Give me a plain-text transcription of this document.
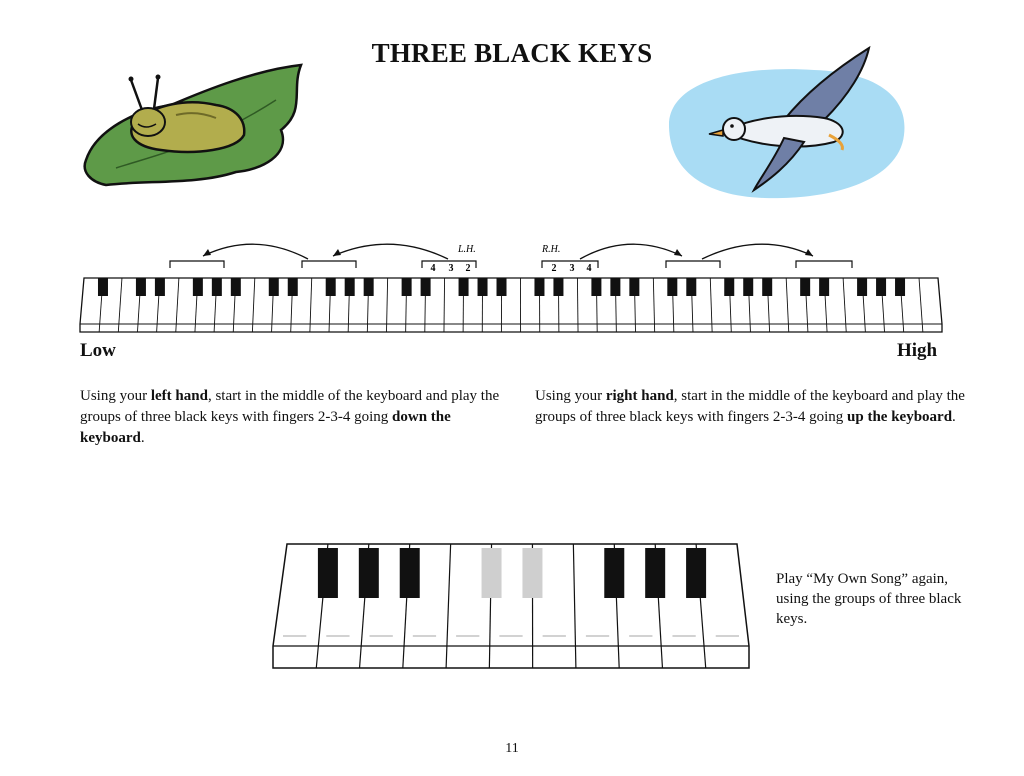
THREE BLACK KEYS
L.H.	R.H.
4 3 2	2 3 4
Low	High
Using your left hand, start in the middle of the keyboard and play the groups of three black keys with fingers 2-3-4 going down the keyboard.
Using your right hand, start in the middle of the keyboard and play the groups of three black keys with fingers 2-3-4 going up the keyboard.
Play “My Own Song” again, using the groups of three black keys.
11
